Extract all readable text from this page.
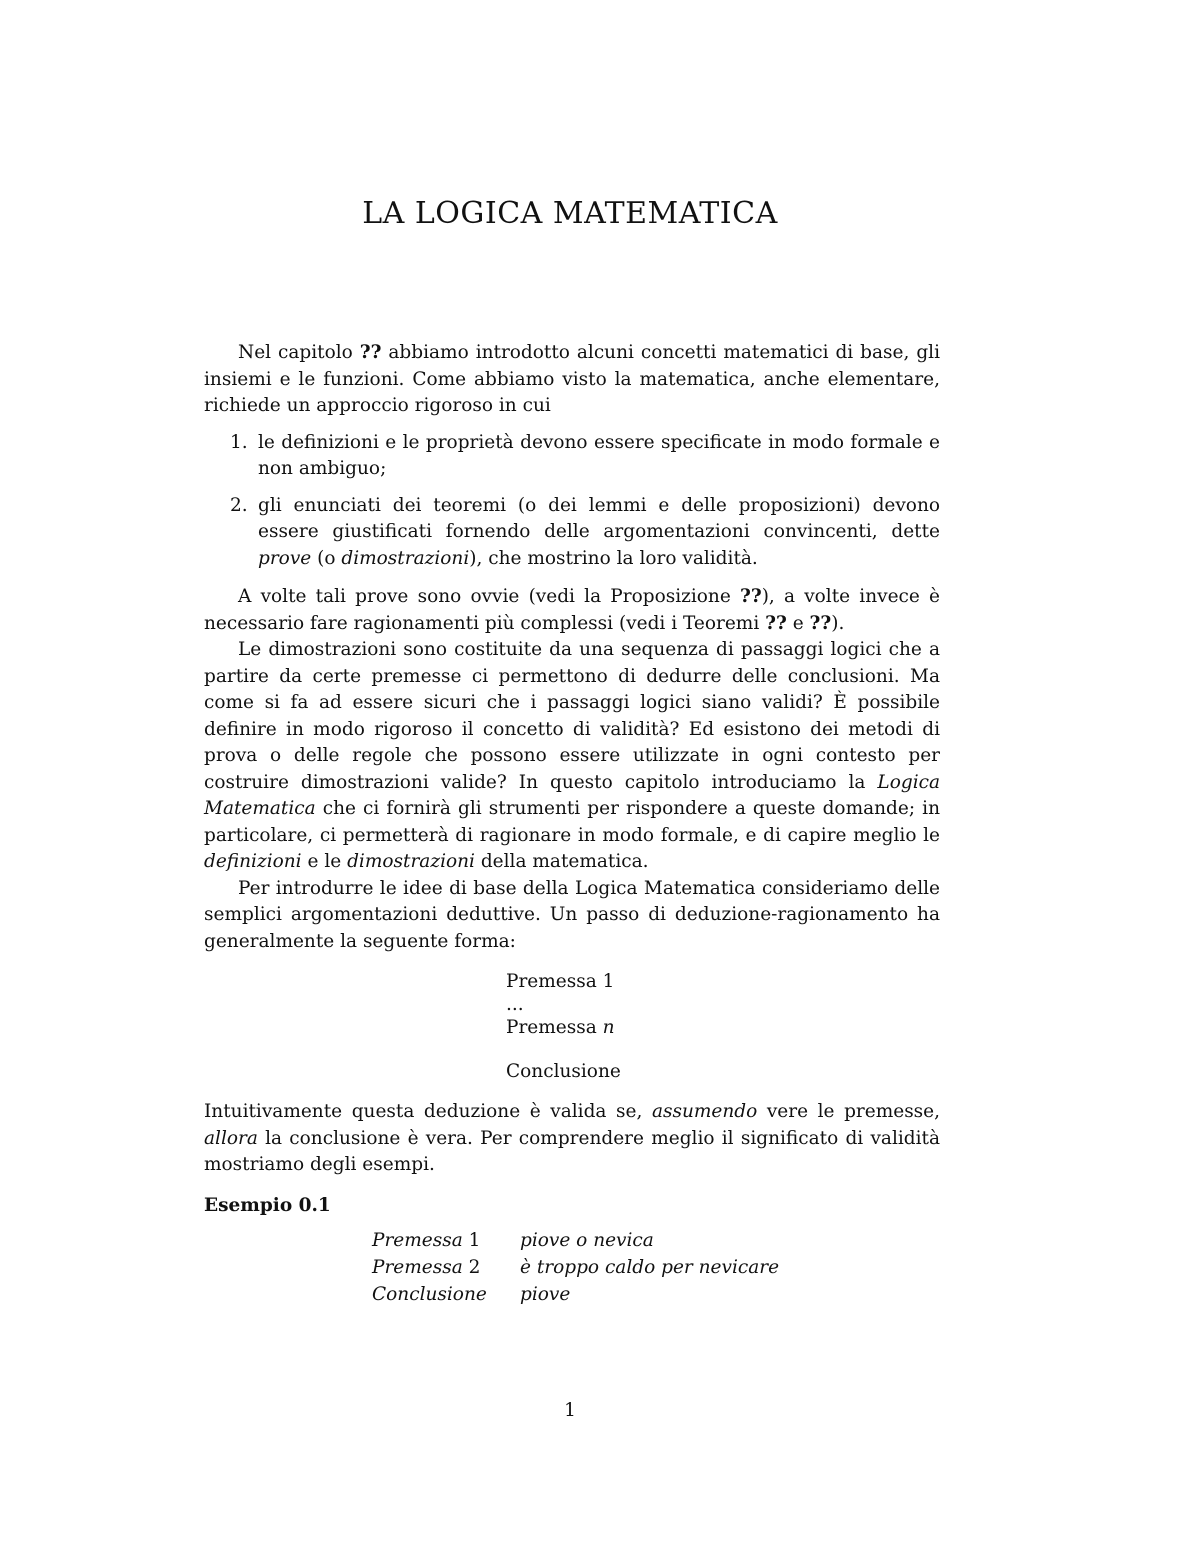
LA LOGICA MATEMATICA

Nel capitolo ?? abbiamo introdotto alcuni concetti matematici di base, gli insiemi e le funzioni. Come abbiamo visto la matematica, anche elementare, richiede un approccio rigoroso in cui

1. le definizioni e le proprietà devono essere specificate in modo formale e non ambiguo;
2. gli enunciati dei teoremi (o dei lemmi e delle proposizioni) devono essere giustificati fornendo delle argomentazioni convincenti, dette prove (o dimostrazioni), che mostrino la loro validità.

A volte tali prove sono ovvie (vedi la Proposizione ??), a volte invece è necessario fare ragionamenti più complessi (vedi i Teoremi ?? e ??).

Le dimostrazioni sono costituite da una sequenza di passaggi logici che a partire da certe premesse ci permettono di dedurre delle conclusioni. Ma come si fa ad essere sicuri che i passaggi logici siano validi? È possibile definire in modo rigoroso il concetto di validità? Ed esistono dei metodi di prova o delle regole che possono essere utilizzate in ogni contesto per costruire dimostrazioni valide? In questo capitolo introduciamo la Logica Matematica che ci fornirà gli strumenti per rispondere a queste domande; in particolare, ci permetterà di ragionare in modo formale, e di capire meglio le definizioni e le dimostrazioni della matematica.

Per introdurre le idee di base della Logica Matematica consideriamo delle semplici argomentazioni deduttive. Un passo di deduzione-ragionamento ha generalmente la seguente forma:

Premessa 1
...
Premessa n
Conclusione

Intuitivamente questa deduzione è valida se, assumendo vere le premesse, allora la conclusione è vera. Per comprendere meglio il significato di validità mostriamo degli esempi.

Esempio 0.1
Premessa 1	piove o nevica
Premessa 2	è troppo caldo per nevicare
Conclusione	piove
1
